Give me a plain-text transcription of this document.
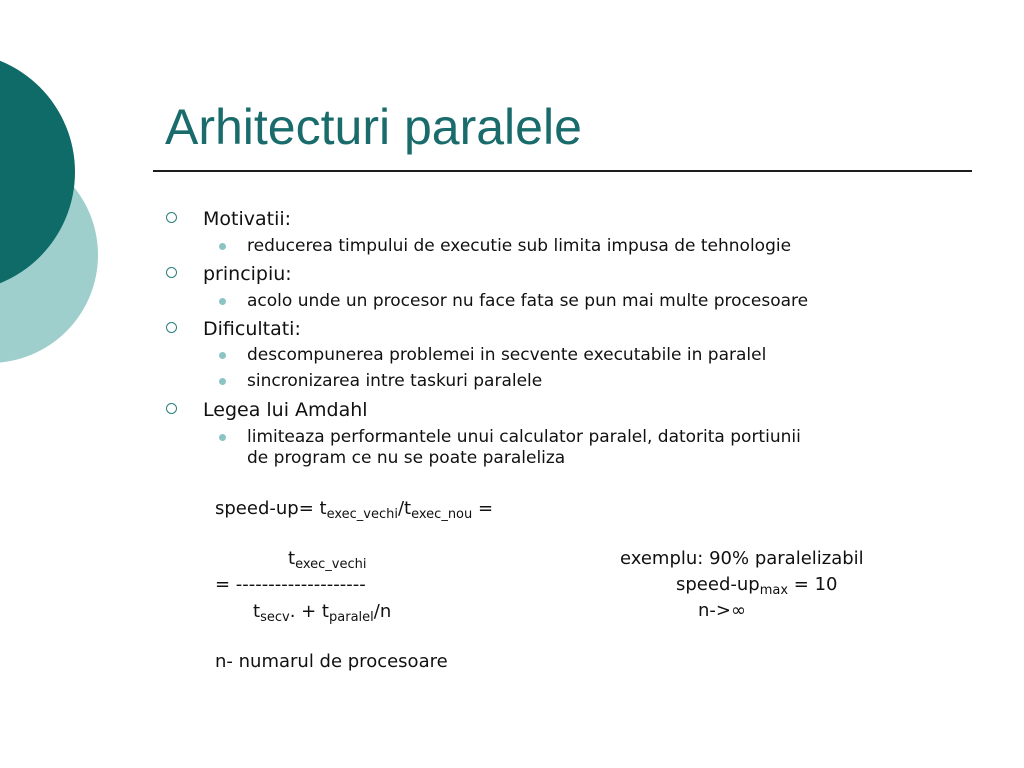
Arhitecturi paralele
Motivatii:
reducerea timpului de executie sub limita impusa de tehnologie
principiu:
acolo unde un procesor nu face fata se pun mai multe procesoare
Dificultati:
descompunerea problemei in secvente executabile in paralel
sincronizarea intre taskuri paralele
Legea lui Amdahl
limiteaza performantele unui calculator paralel, datorita portiunii
de program ce nu se poate paraleliza
speed-up= $t_{exec\_vechi}/t_{exec\_nou}$ =
$t_{exec\_vechi}$
= --------------------
$t_{secv}$. + $t_{paralel}/n$
n- numarul de procesoare
exemplu: 90% paralelizabil
speed-$up_{max} = 10$
n->∞
